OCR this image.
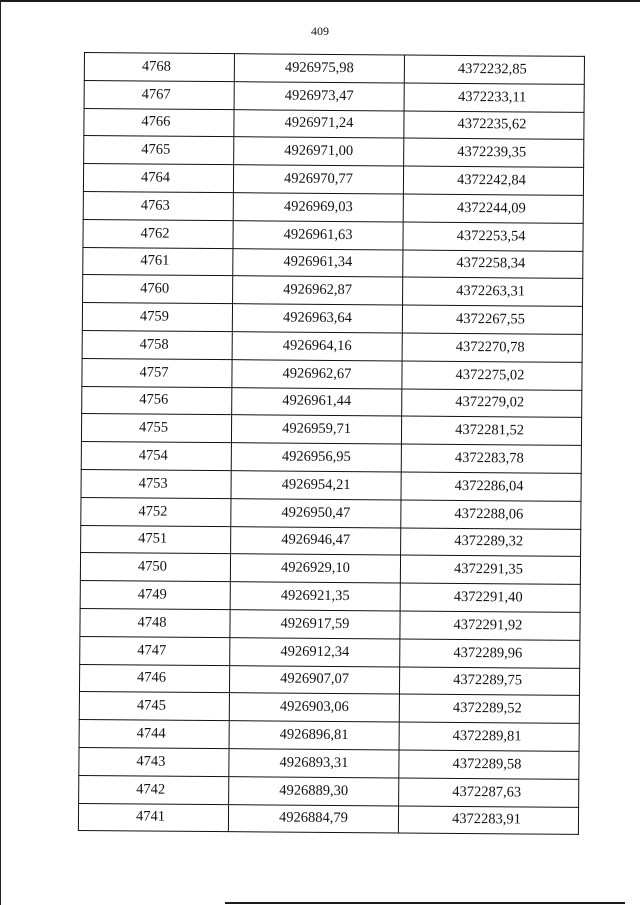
409
4768	4926975,98	4372232,85

4767	4926973,47	4372233,11

4766	4926971,24	4372235,62

4765	4926971,00	4372239,35

4764	4926970,77	4372242,84

4763	4926969,03	4372244,09

4762	4926961,63	4372253,54

4761	4926961,34	4372258,34

4760	4926962,87	4372263,31

4759	4926963,64	4372267,55

4758	4926964,16	4372270,78

4757	4926962,67	4372275,02

4756	4926961,44	4372279,02

4755	4926959,71	4372281,52

4754	4926956,95	4372283,78

4753	4926954,21	4372286,04

4752	4926950,47	4372288,06

4751	4926946,47	4372289,32

4750	4926929,10	4372291,35

4749	4926921,35	4372291,40

4748	4926917,59	4372291,92

4747	4926912,34	4372289,96

4746	4926907,07	4372289,75

4745	4926903,06	4372289,52

4744	4926896,81	4372289,81

4743	4926893,31	4372289,58

4742	4926889,30	4372287,63

4741	4926884,79	4372283,91
